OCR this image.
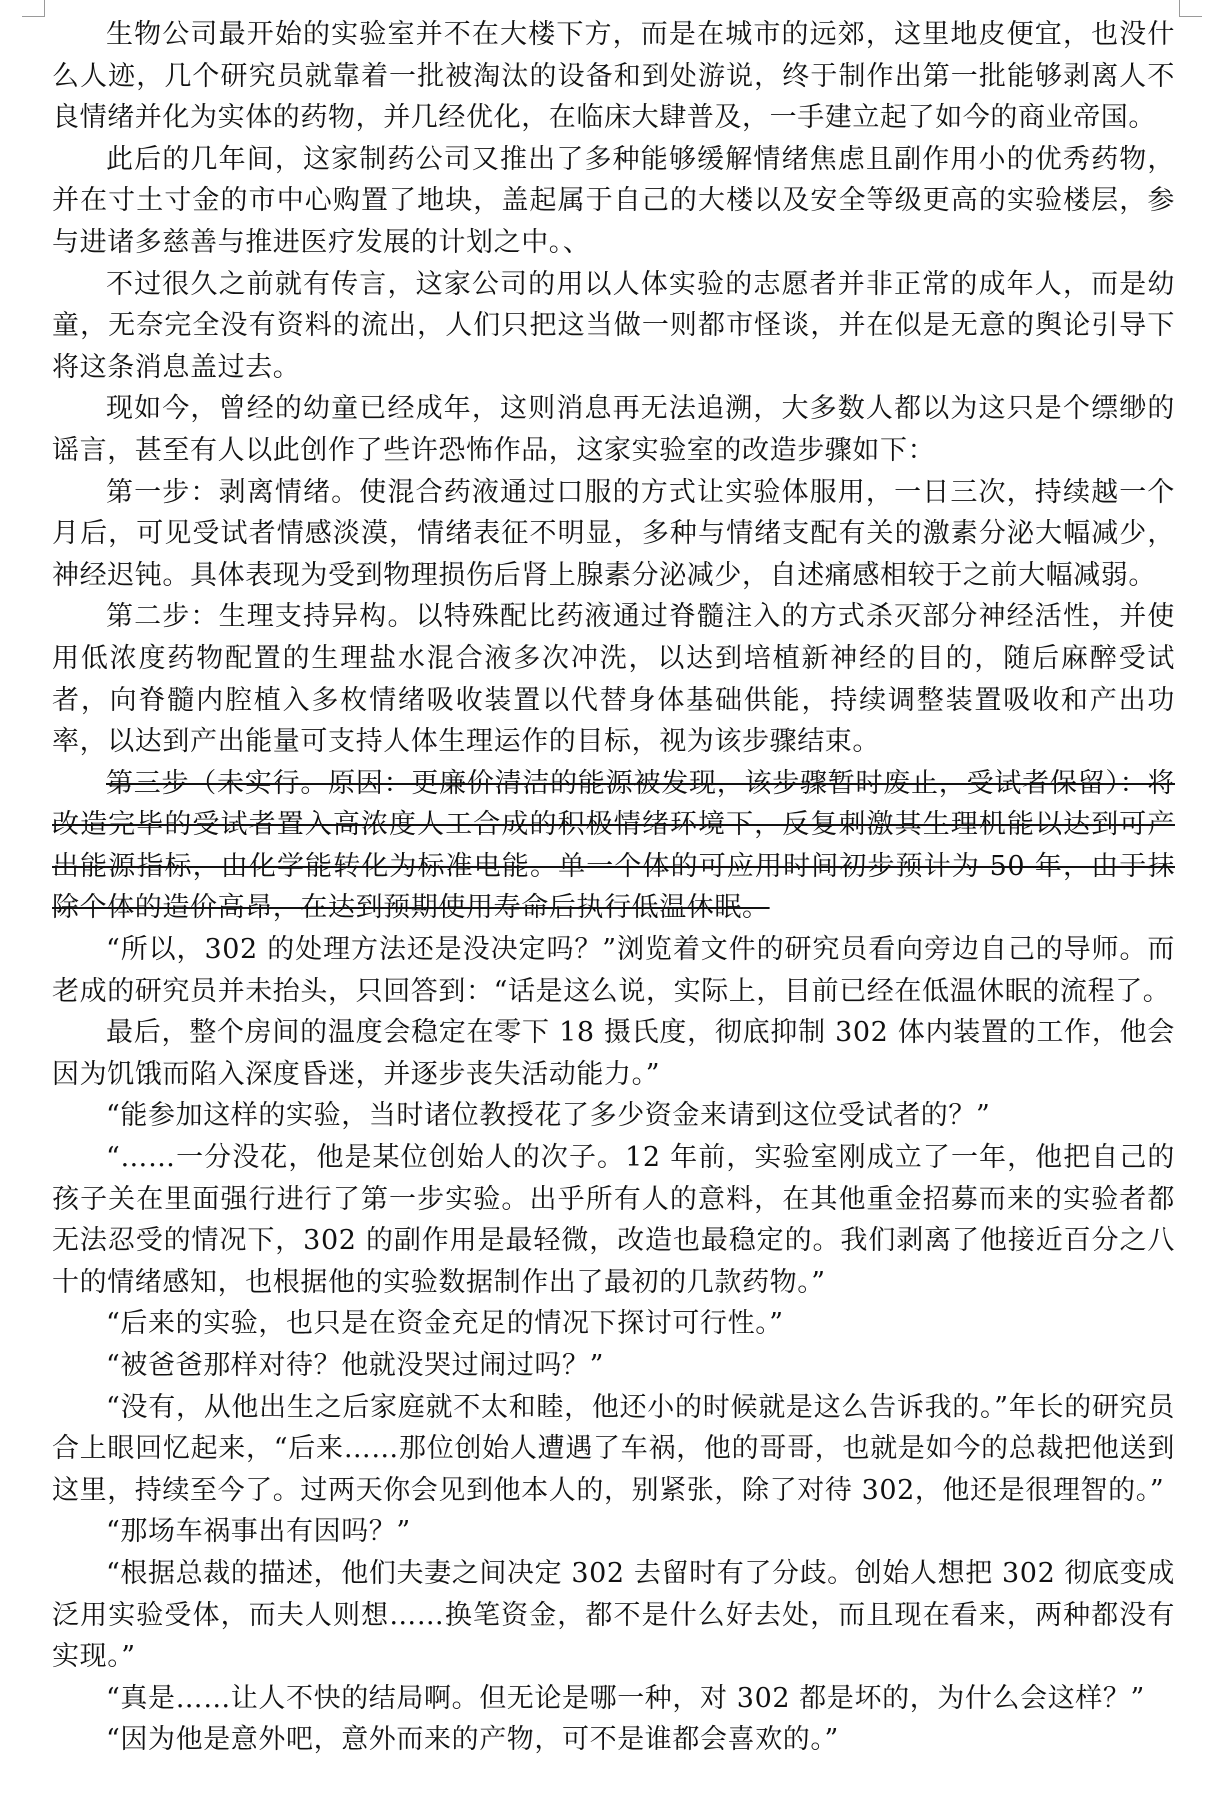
生物公司最开始的实验室并不在大楼下方，而是在城市的远郊，这里地皮便宜，也没什么人迹，几个研究员就靠着一批被淘汰的设备和到处游说，终于制作出第一批能够剥离人不良情绪并化为实体的药物，并几经优化，在临床大肆普及，一手建立起了如今的商业帝国。

此后的几年间，这家制药公司又推出了多种能够缓解情绪焦虑且副作用小的优秀药物，并在寸土寸金的市中心购置了地块，盖起属于自己的大楼以及安全等级更高的实验楼层，参与进诸多慈善与推进医疗发展的计划之中。、

不过很久之前就有传言，这家公司的用以人体实验的志愿者并非正常的成年人，而是幼童，无奈完全没有资料的流出，人们只把这当做一则都市怪谈，并在似是无意的舆论引导下将这条消息盖过去。

现如今，曾经的幼童已经成年，这则消息再无法追溯，大多数人都以为这只是个缥缈的谣言，甚至有人以此创作了些许恐怖作品，这家实验室的改造步骤如下：

第一步：剥离情绪。使混合药液通过口服的方式让实验体服用，一日三次，持续越一个月后，可见受试者情感淡漠，情绪表征不明显，多种与情绪支配有关的激素分泌大幅减少，神经迟钝。具体表现为受到物理损伤后肾上腺素分泌减少，自述痛感相较于之前大幅减弱。

第二步：生理支持异构。以特殊配比药液通过脊髓注入的方式杀灭部分神经活性，并使用低浓度药物配置的生理盐水混合液多次冲洗，以达到培植新神经的目的，随后麻醉受试者，向脊髓内腔植入多枚情绪吸收装置以代替身体基础供能，持续调整装置吸收和产出功率，以达到产出能量可支持人体生理运作的目标，视为该步骤结束。

第三步（未实行。原因：更廉价清洁的能源被发现，该步骤暂时废止，受试者保留）：将改造完毕的受试者置入高浓度人工合成的积极情绪环境下，反复刺激其生理机能以达到可产出能源指标，由化学能转化为标准电能。单一个体的可应用时间初步预计为 50 年，由于抹除个体的造价高昂，在达到预期使用寿命后执行低温休眠。

“所以，302 的处理方法还是没决定吗？”浏览着文件的研究员看向旁边自己的导师。而老成的研究员并未抬头，只回答到：“话是这么说，实际上，目前已经在低温休眠的流程了。

最后，整个房间的温度会稳定在零下 18 摄氏度，彻底抑制 302 体内装置的工作，他会因为饥饿而陷入深度昏迷，并逐步丧失活动能力。”

“能参加这样的实验，当时诸位教授花了多少资金来请到这位受试者的？”

“……一分没花，他是某位创始人的次子。12 年前，实验室刚成立了一年，他把自己的孩子关在里面强行进行了第一步实验。出乎所有人的意料，在其他重金招募而来的实验者都无法忍受的情况下，302 的副作用是最轻微，改造也最稳定的。我们剥离了他接近百分之八十的情绪感知，也根据他的实验数据制作出了最初的几款药物。”

“后来的实验，也只是在资金充足的情况下探讨可行性。”

“被爸爸那样对待？他就没哭过闹过吗？”

“没有，从他出生之后家庭就不太和睦，他还小的时候就是这么告诉我的。”年长的研究员合上眼回忆起来，“后来……那位创始人遭遇了车祸，他的哥哥，也就是如今的总裁把他送到这里，持续至今了。过两天你会见到他本人的，别紧张，除了对待 302，他还是很理智的。”

“那场车祸事出有因吗？”

“根据总裁的描述，他们夫妻之间决定 302 去留时有了分歧。创始人想把 302 彻底变成泛用实验受体，而夫人则想……换笔资金，都不是什么好去处，而且现在看来，两种都没有实现。”

“真是……让人不快的结局啊。但无论是哪一种，对 302 都是坏的，为什么会这样？”

“因为他是意外吧，意外而来的产物，可不是谁都会喜欢的。”
